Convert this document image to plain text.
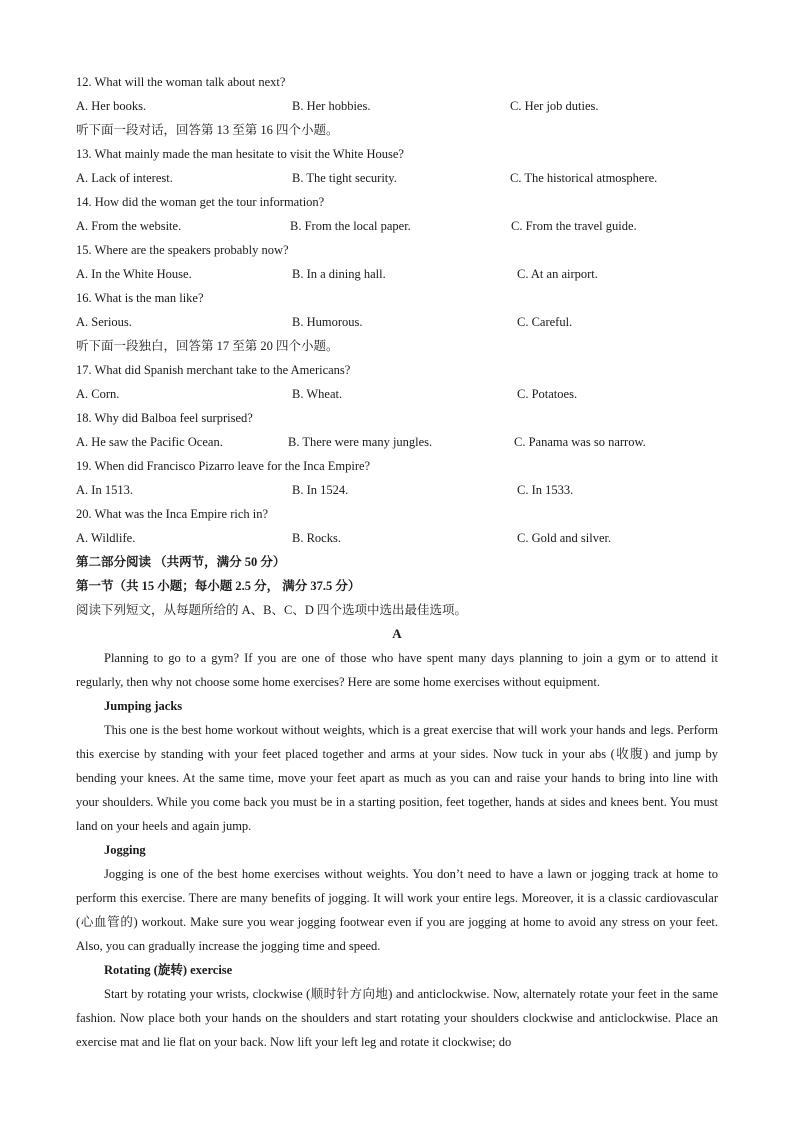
12. What will the woman talk about next?
A. Her books.	B. Her hobbies.	C. Her job duties.
听下面一段对话，回答第 13 至第 16 四个小题。
13. What mainly made the man hesitate to visit the White House?
A. Lack of interest.	B. The tight security.	C. The historical atmosphere.
14. How did the woman get the tour information?
A. From the website.	B. From the local paper.	C. From the travel guide.
15. Where are the speakers probably now?
A. In the White House.	B. In a dining hall.	C. At an airport.
16. What is the man like?
A. Serious.	B. Humorous.	C. Careful.
听下面一段独白，回答第 17 至第 20 四个小题。
17. What did Spanish merchant take to the Americans?
A. Corn.	B. Wheat.	C. Potatoes.
18. Why did Balboa feel surprised?
A. He saw the Pacific Ocean.	B. There were many jungles.	C. Panama was so narrow.
19. When did Francisco Pizarro leave for the Inca Empire?
A. In 1513.	B. In 1524.	C. In 1533.
20. What was the Inca Empire rich in?
A. Wildlife.	B. Rocks.	C. Gold and silver.
第二部分阅读 （共两节，满分 50 分）
第一节（共 15 小题；每小题 2.5 分， 满分 37.5 分）
阅读下列短文，从每题所给的 A、B、C、D 四个选项中选出最佳选项。
A
Planning to go to a gym? If you are one of those who have spent many days planning to join a gym or to attend it regularly, then why not choose some home exercises? Here are some home exercises without equipment.
Jumping jacks
This one is the best home workout without weights, which is a great exercise that will work your hands and legs. Perform this exercise by standing with your feet placed together and arms at your sides. Now tuck in your abs (收腹) and jump by bending your knees. At the same time, move your feet apart as much as you can and raise your hands to bring into line with your shoulders. While you come back you must be in a starting position, feet together, hands at sides and knees bent. You must land on your heels and again jump.
Jogging
Jogging is one of the best home exercises without weights. You don’t need to have a lawn or jogging track at home to perform this exercise. There are many benefits of jogging. It will work your entire legs. Moreover, it is a classic cardiovascular (心血管的) workout. Make sure you wear jogging footwear even if you are jogging at home to avoid any stress on your feet. Also, you can gradually increase the jogging time and speed.
Rotating (旋转) exercise
Start by rotating your wrists, clockwise (顺时针方向地) and anticlockwise. Now, alternately rotate your feet in the same fashion. Now place both your hands on the shoulders and start rotating your shoulders clockwise and anticlockwise. Place an exercise mat and lie flat on your back. Now lift your left leg and rotate it clockwise; do
